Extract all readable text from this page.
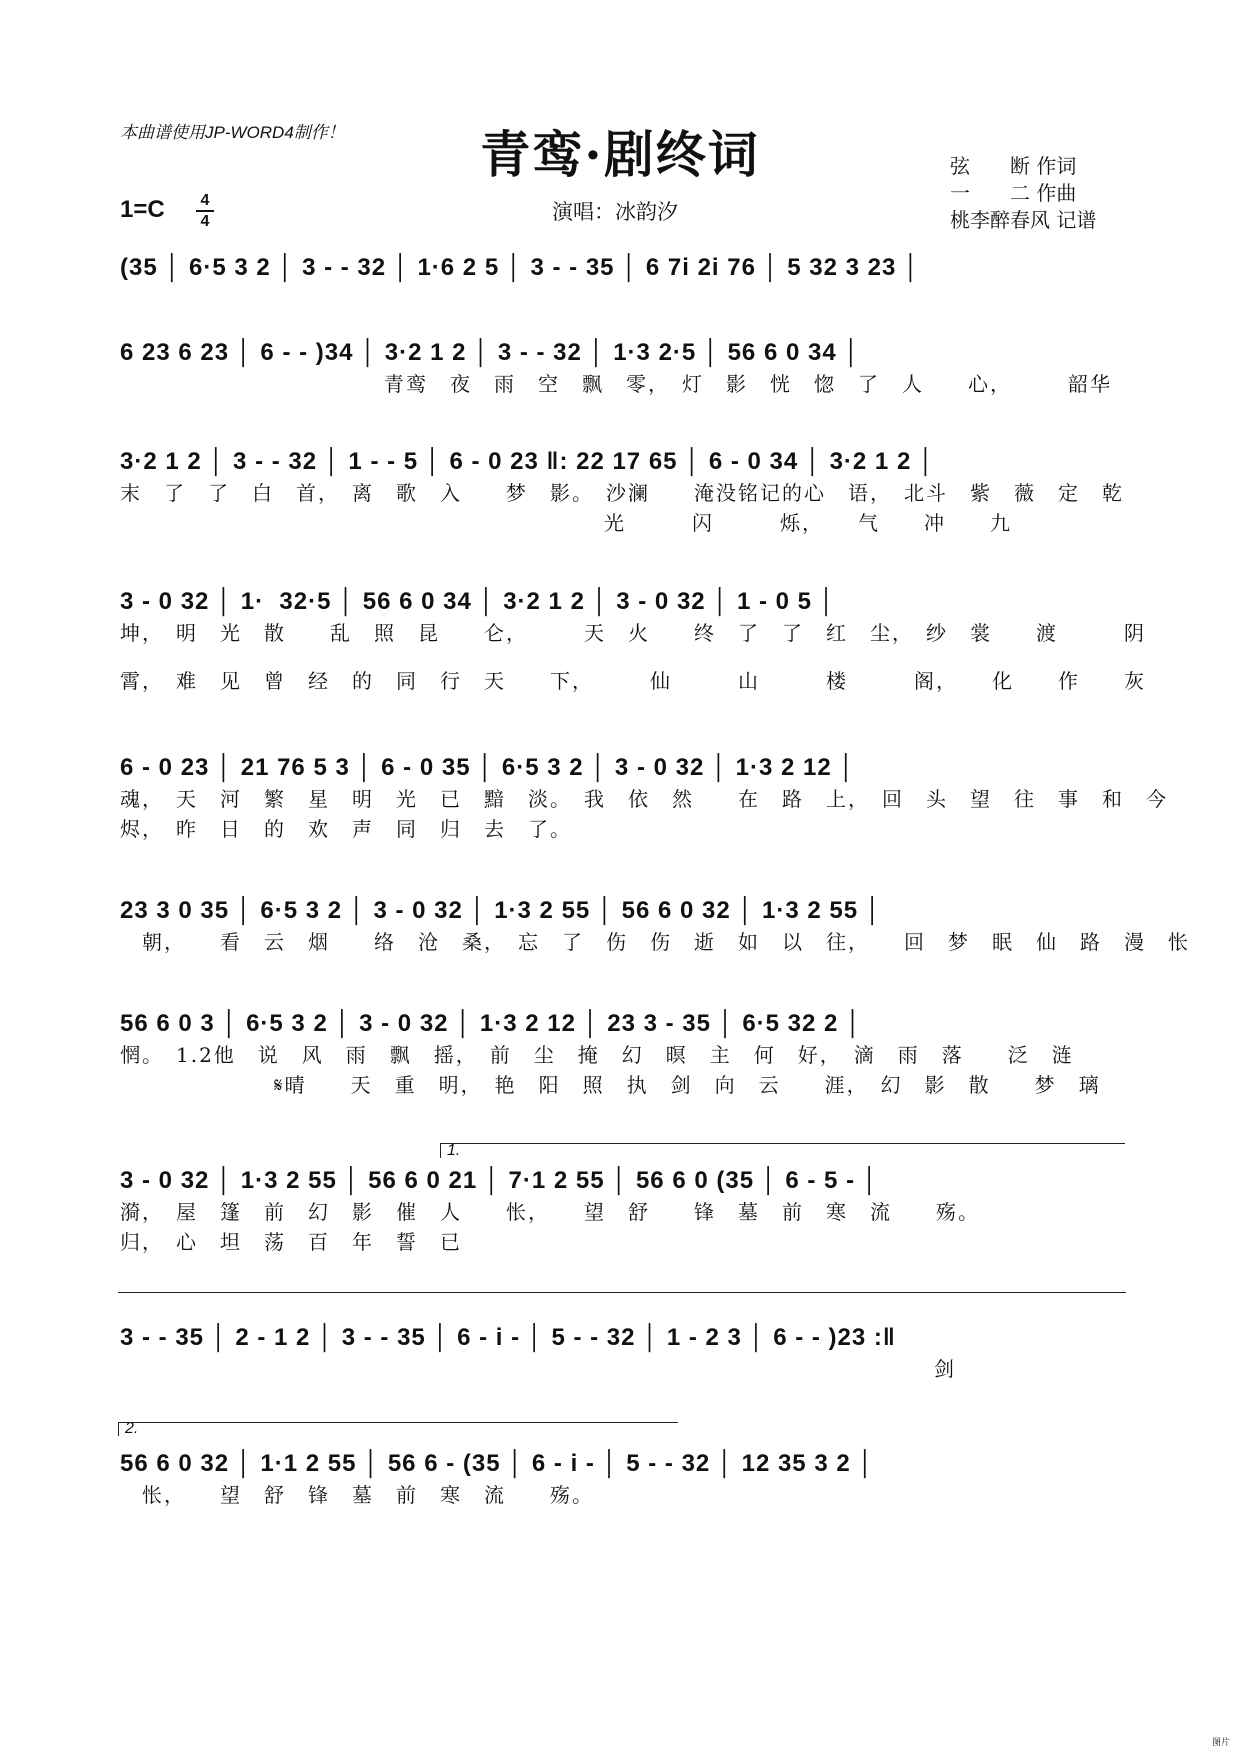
本曲谱使用JP-WORD4制作！	青鸾·剧终词
1=C	4
4	演唱：冰韵汐
弦　　断 作词
一　　二 作曲
桃李醉春风 记谱
(35 │ 6·5 3 2 │ 3 - - 32 │ 1·6 2 5 │ 3 - - 35 │ 6 7i 2i 76 │ 5 32 3 23 │
6 23 6 23 │ 6 - - )34 │ 3·2 1 2 │ 3 - - 32 │ 1·3 2·5 │ 56 6 0 34 │
　　　　　　　　　　　　青鸾　夜　雨　空　飘　零，　灯　影　恍　惚　了　人　　心，　　　韶华
3·2 1 2 │ 3 - - 32 │ 1 - - 5 │ 6 - 0 23 ‖: 22 17 65 │ 6 - 0 34 │ 3·2 1 2 │
末　了　了　白　首，　离　歌　入　　梦　影。　沙澜　　淹没铭记的心　语，　北斗　紫　薇　定　乾
　　　　　　　　　　　　　　　　　　　　　　光　　　闪　　　烁，　　气　　冲　　九
3 - 0 32 │ 1·  32·5 │ 56 6 0 34 │ 3·2 1 2 │ 3 - 0 32 │ 1 - 0 5 │
坤，　明　光　散　　乱　照　昆　　仑，　　　天　火　　终　了　了　红　尘，　纱　裳　　渡　　　阴
霄，　难　见　曾　经　的　同　行　天　　下，　　　仙　　　山　　　楼　　　阁，　　化　　作　　灰
6 - 0 23 │ 21 76 5 3 │ 6 - 0 35 │ 6·5 3 2 │ 3 - 0 32 │ 1·3 2 12 │
魂，　天　河　繁　星　明　光　已　黯　淡。　我　依　然　　在　路　上，　回　头　望　往　事　和　今
烬，　昨　日　的　欢　声　同　归　去　了。
23 3 0 35 │ 6·5 3 2 │ 3 - 0 32 │ 1·3 2 55 │ 56 6 0 32 │ 1·3 2 55 │
　朝，　　看　云　烟　　络　沧　桑，　忘　了　伤　伤　逝　如　以　往，　　回　梦　眠　仙　路　漫　怅
56 6 0 3 │ 6·5 3 2 │ 3 - 0 32 │ 1·3 2 12 │ 23 3 - 35 │ 6·5 32 2 │
惘。　1.2他　说　风　雨　飘　摇，　前　尘　掩　幻　暝　主　何　好，　滴　雨　落　　泛　涟
　　　　　　　𝄋晴　　天　重　明，　艳　阳　照　执　剑　向　云　　涯，　幻　影　散　　梦　璃
1.
3 - 0 32 │ 1·3 2 55 │ 56 6 0 21 │ 7·1 2 55 │ 56 6 0 (35 │ 6 - 5 - │
漪，　屋　篷　前　幻　影　催　人　　怅，　　望　舒　　锋　墓　前　寒　流　　殇。
归，　心　坦　荡　百　年　誓　已
3 - - 35 │ 2 - 1 2 │ 3 - - 35 │ 6 - i - │ 5 - - 32 │ 1 - 2 3 │ 6 - - )23 :‖
　　　　　　　　　　　　　　　　　　　　　　　　　　　　　　　　　　　　　剑
2.
56 6 0 32 │ 1·1 2 55 │ 56 6 - (35 │ 6 - i - │ 5 - - 32 │ 12 35 3 2 │
　怅，　　望　舒　锋　墓　前　寒　流　　殇。
图片
